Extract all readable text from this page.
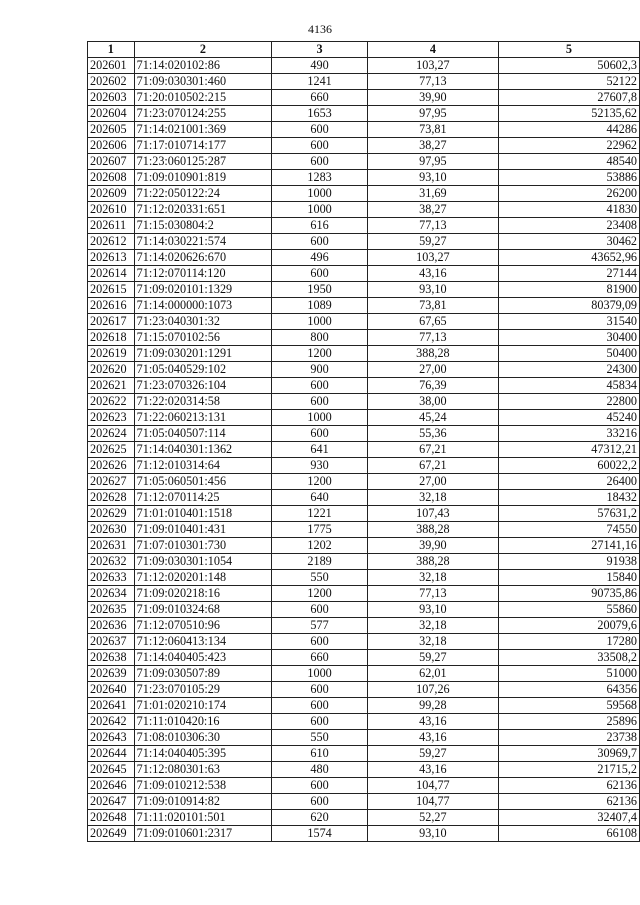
4136
1	2	3	4	5
202601	71:14:020102:86	490	103,27	50602,3
202602	71:09:030301:460	1241	77,13	52122
202603	71:20:010502:215	660	39,90	27607,8
202604	71:23:070124:255	1653	97,95	52135,62
202605	71:14:021001:369	600	73,81	44286
202606	71:17:010714:177	600	38,27	22962
202607	71:23:060125:287	600	97,95	48540
202608	71:09:010901:819	1283	93,10	53886
202609	71:22:050122:24	1000	31,69	26200
202610	71:12:020331:651	1000	38,27	41830
202611	71:15:030804:2	616	77,13	23408
202612	71:14:030221:574	600	59,27	30462
202613	71:14:020626:670	496	103,27	43652,96
202614	71:12:070114:120	600	43,16	27144
202615	71:09:020101:1329	1950	93,10	81900
202616	71:14:000000:1073	1089	73,81	80379,09
202617	71:23:040301:32	1000	67,65	31540
202618	71:15:070102:56	800	77,13	30400
202619	71:09:030201:1291	1200	388,28	50400
202620	71:05:040529:102	900	27,00	24300
202621	71:23:070326:104	600	76,39	45834
202622	71:22:020314:58	600	38,00	22800
202623	71:22:060213:131	1000	45,24	45240
202624	71:05:040507:114	600	55,36	33216
202625	71:14:040301:1362	641	67,21	47312,21
202626	71:12:010314:64	930	67,21	60022,2
202627	71:05:060501:456	1200	27,00	26400
202628	71:12:070114:25	640	32,18	18432
202629	71:01:010401:1518	1221	107,43	57631,2
202630	71:09:010401:431	1775	388,28	74550
202631	71:07:010301:730	1202	39,90	27141,16
202632	71:09:030301:1054	2189	388,28	91938
202633	71:12:020201:148	550	32,18	15840
202634	71:09:020218:16	1200	77,13	90735,86
202635	71:09:010324:68	600	93,10	55860
202636	71:12:070510:96	577	32,18	20079,6
202637	71:12:060413:134	600	32,18	17280
202638	71:14:040405:423	660	59,27	33508,2
202639	71:09:030507:89	1000	62,01	51000
202640	71:23:070105:29	600	107,26	64356
202641	71:01:020210:174	600	99,28	59568
202642	71:11:010420:16	600	43,16	25896
202643	71:08:010306:30	550	43,16	23738
202644	71:14:040405:395	610	59,27	30969,7
202645	71:12:080301:63	480	43,16	21715,2
202646	71:09:010212:538	600	104,77	62136
202647	71:09:010914:82	600	104,77	62136
202648	71:11:020101:501	620	52,27	32407,4
202649	71:09:010601:2317	1574	93,10	66108
